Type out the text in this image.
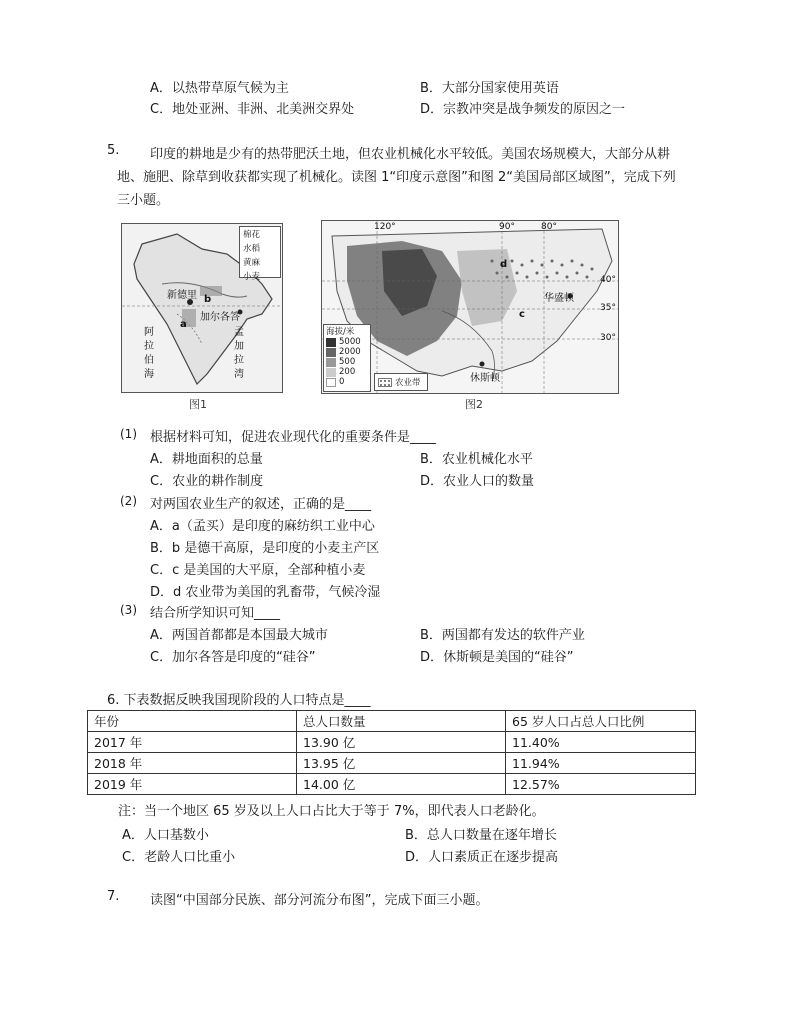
A．以热带草原气候为主	B．大部分国家使用英语
C．地处亚洲、非洲、北美洲交界处	D．宗教冲突是战争频发的原因之一
5. 印度的耕地是少有的热带肥沃土地，但农业机械化水平较低。美国农场规模大，大部分从耕
地、施肥、除草到收获都实现了机械化。读图 1“印度示意图”和图 2“美国局部区域图”，完成下列
三小题。
棉花
水稻
黄麻
小麦
新德里
加尔各答
a
b
阿拉伯海
孟加拉湾
图1
120°	90°	80°
40°
35°
30°
d
c
华盛顿
休斯顿
海拔/米
5000
2000
500
200
0	农业带
图2
(1) 根据材料可知，促进农业现代化的重要条件是____
A．耕地面积的总量	B．农业机械化水平
C．农业的耕作制度	D．农业人口的数量
(2) 对两国农业生产的叙述，正确的是____
A．a（孟买）是印度的麻纺织工业中心
B．b 是德干高原，是印度的小麦主产区
C．c 是美国的大平原，全部种植小麦
D．d 农业带为美国的乳畜带，气候冷湿
(3) 结合所学知识可知____
A．两国首都都是本国最大城市	B．两国都有发达的软件产业
C．加尔各答是印度的“硅谷”	D．休斯顿是美国的“硅谷”
6. 下表数据反映我国现阶段的人口特点是____
年份	总人口数量	65 岁人口占总人口比例
2017 年	13.90 亿	11.40%
2018 年	13.95 亿	11.94%
2019 年	14.00 亿	12.57%
注：当一个地区 65 岁及以上人口占比大于等于 7%，即代表人口老龄化。
A．人口基数小	B．总人口数量在逐年增长
C．老龄人口比重小	D．人口素质正在逐步提高
7. 读图“中国部分民族、部分河流分布图”，完成下面三小题。
